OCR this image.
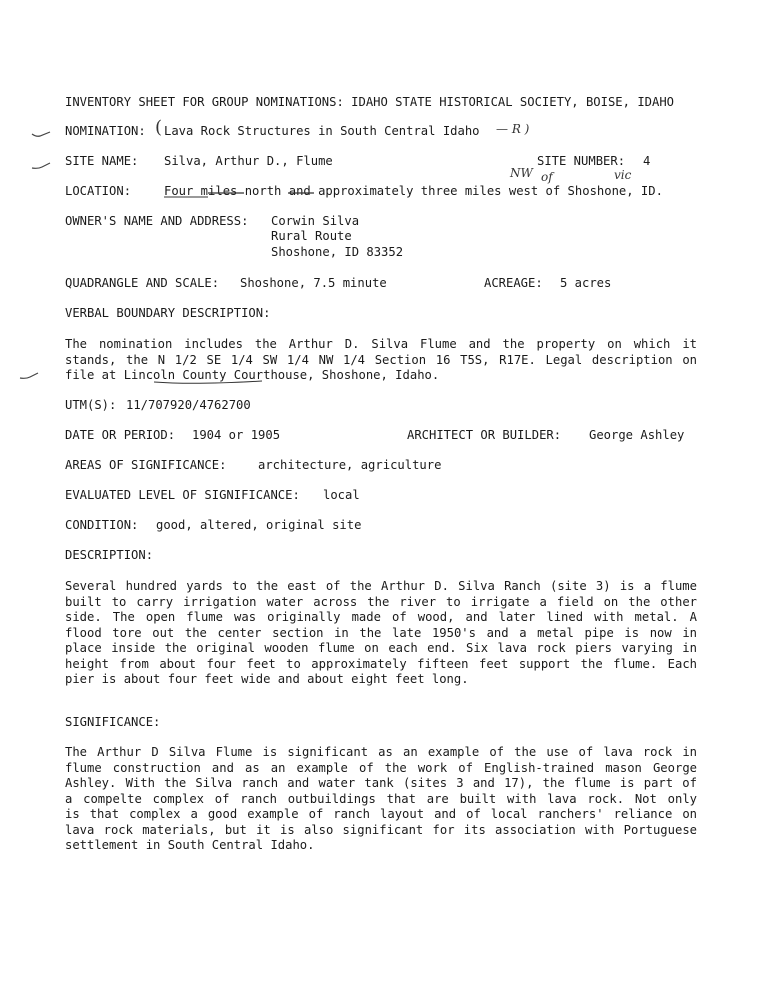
INVENTORY SHEET FOR GROUP NOMINATIONS: IDAHO STATE HISTORICAL SOCIETY, BOISE, IDAHO
NOMINATION: ( Lava Rock Structures in South Central Idaho — R )
SITE NAME: Silva, Arthur D., Flume	SITE NUMBER: 4
NW of	vic
LOCATION:	Four miles north and approximately three miles west of Shoshone, ID.
OWNER'S NAME AND ADDRESS: Corwin Silva
Rural Route
Shoshone, ID 83352
QUADRANGLE AND SCALE: Shoshone, 7.5 minute	ACREAGE: 5 acres
VERBAL BOUNDARY DESCRIPTION:
The nomination includes the Arthur D. Silva Flume and the property on which it
stands, the N 1/2 SE 1/4 SW 1/4 NW 1/4 Section 16 T5S, R17E. Legal description on
file at Lincoln County Courthouse, Shoshone, Idaho.
UTM(S): 11/707920/4762700
DATE OR PERIOD: 1904 or 1905	ARCHITECT OR BUILDER: George Ashley
AREAS OF SIGNIFICANCE:	architecture, agriculture
EVALUATED LEVEL OF SIGNIFICANCE: local
CONDITION: good, altered, original site
DESCRIPTION:
Several hundred yards to the east of the Arthur D. Silva Ranch (site 3) is a flume
built to carry irrigation water across the river to irrigate a field on the other
side. The open flume was originally made of wood, and later lined with metal. A
flood tore out the center section in the late 1950's and a metal pipe is now in
place inside the original wooden flume on each end. Six lava rock piers varying in
height from about four feet to approximately fifteen feet support the flume. Each
pier is about four feet wide and about eight feet long.
SIGNIFICANCE:
The Arthur D Silva Flume is significant as an example of the use of lava rock in
flume construction and as an example of the work of English-trained mason George
Ashley. With the Silva ranch and water tank (sites 3 and 17), the flume is part of
a compelte complex of ranch outbuildings that are built with lava rock. Not only
is that complex a good example of ranch layout and of local ranchers' reliance on
lava rock materials, but it is also significant for its association with Portuguese
settlement in South Central Idaho.
